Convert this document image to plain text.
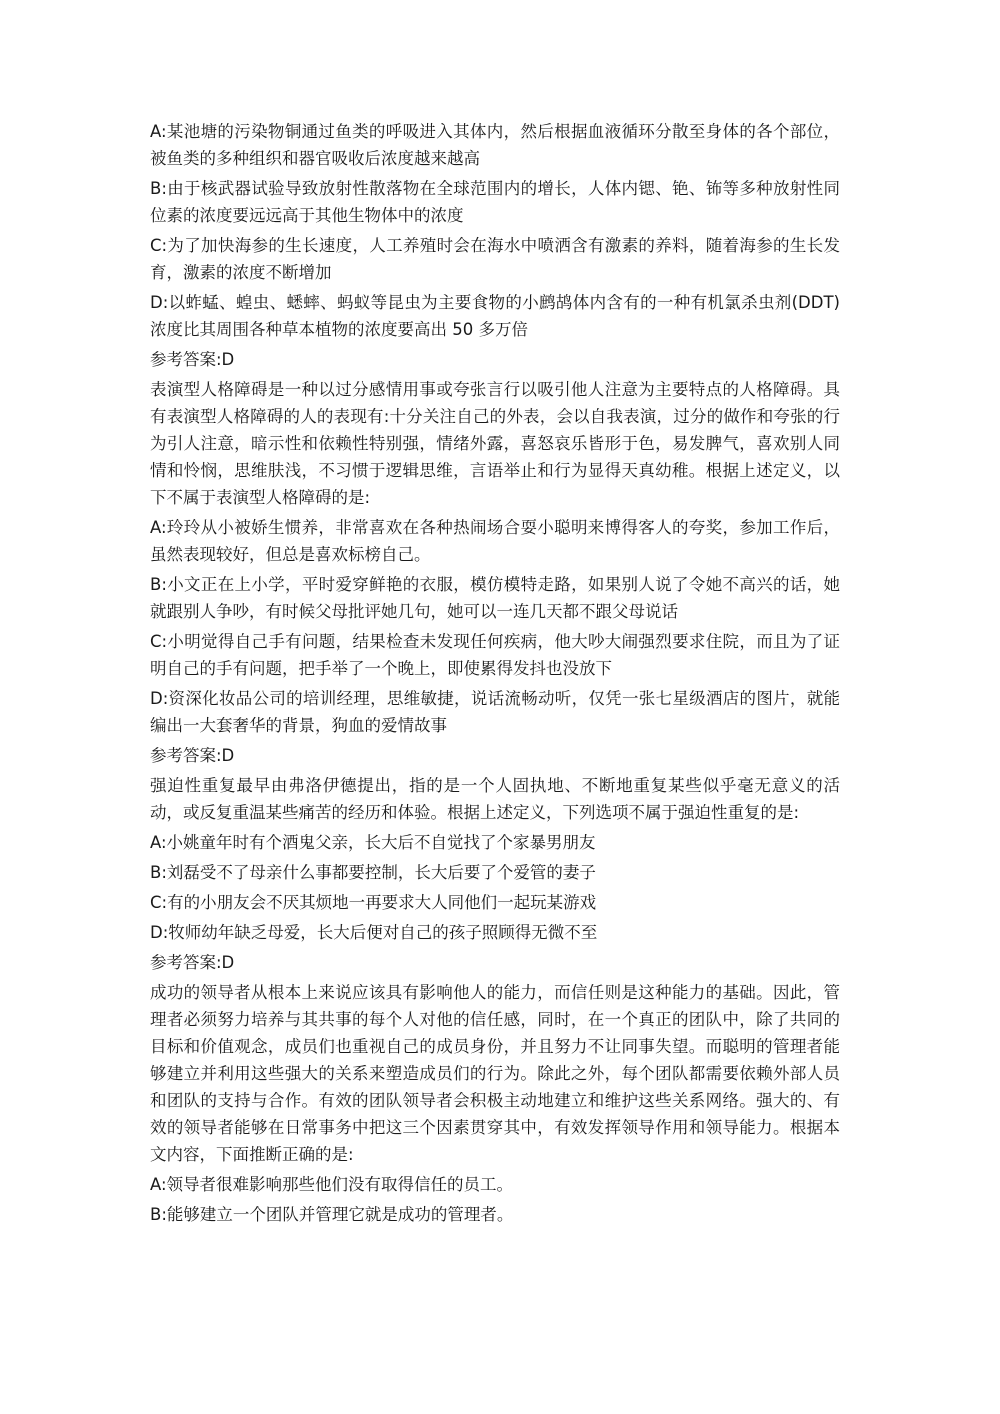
A:某池塘的污染物铜通过鱼类的呼吸进入其体内，然后根据血液循环分散至身体的各个部位，被鱼类的多种组织和器官吸收后浓度越来越高

B:由于核武器试验导致放射性散落物在全球范围内的增长，人体内锶、铯、钸等多种放射性同位素的浓度要远远高于其他生物体中的浓度

C:为了加快海参的生长速度，人工养殖时会在海水中喷洒含有激素的养料，随着海参的生长发育，激素的浓度不断增加

D:以蚱蜢、蝗虫、蟋蟀、蚂蚁等昆虫为主要食物的小鹧鸪体内含有的一种有机氯杀虫剂(DDT)浓度比其周围各种草本植物的浓度要高出 50 多万倍

参考答案:D

表演型人格障碍是一种以过分感情用事或夸张言行以吸引他人注意为主要特点的人格障碍。具有表演型人格障碍的人的表现有:十分关注自己的外表，会以自我表演，过分的做作和夸张的行为引人注意，暗示性和依赖性特别强，情绪外露，喜怒哀乐皆形于色，易发脾气，喜欢别人同情和怜悯，思维肤浅，不习惯于逻辑思维，言语举止和行为显得天真幼稚。根据上述定义，以下不属于表演型人格障碍的是:

A:玲玲从小被娇生惯养，非常喜欢在各种热闹场合耍小聪明来博得客人的夸奖，参加工作后，虽然表现较好，但总是喜欢标榜自己。

B:小文正在上小学，平时爱穿鲜艳的衣服，模仿模特走路，如果别人说了令她不高兴的话，她就跟别人争吵，有时候父母批评她几句，她可以一连几天都不跟父母说话

C:小明觉得自己手有问题，结果检查未发现任何疾病，他大吵大闹强烈要求住院，而且为了证明自己的手有问题，把手举了一个晚上，即使累得发抖也没放下

D:资深化妆品公司的培训经理，思维敏捷，说话流畅动听，仅凭一张七星级酒店的图片，就能编出一大套奢华的背景，狗血的爱情故事

参考答案:D

强迫性重复最早由弗洛伊德提出，指的是一个人固执地、不断地重复某些似乎毫无意义的活动，或反复重温某些痛苦的经历和体验。根据上述定义，下列选项不属于强迫性重复的是:

A:小姚童年时有个酒鬼父亲，长大后不自觉找了个家暴男朋友

B:刘磊受不了母亲什么事都要控制，长大后要了个爱管的妻子

C:有的小朋友会不厌其烦地一再要求大人同他们一起玩某游戏

D:牧师幼年缺乏母爱，长大后便对自己的孩子照顾得无微不至

参考答案:D

成功的领导者从根本上来说应该具有影响他人的能力，而信任则是这种能力的基础。因此，管理者必须努力培养与其共事的每个人对他的信任感，同时，在一个真正的团队中，除了共同的目标和价值观念，成员们也重视自己的成员身份，并且努力不让同事失望。而聪明的管理者能够建立并利用这些强大的关系来塑造成员们的行为。除此之外，每个团队都需要依赖外部人员和团队的支持与合作。有效的团队领导者会积极主动地建立和维护这些关系网络。强大的、有效的领导者能够在日常事务中把这三个因素贯穿其中，有效发挥领导作用和领导能力。根据本文内容，下面推断正确的是:

A:领导者很难影响那些他们没有取得信任的员工。

B:能够建立一个团队并管理它就是成功的管理者。
